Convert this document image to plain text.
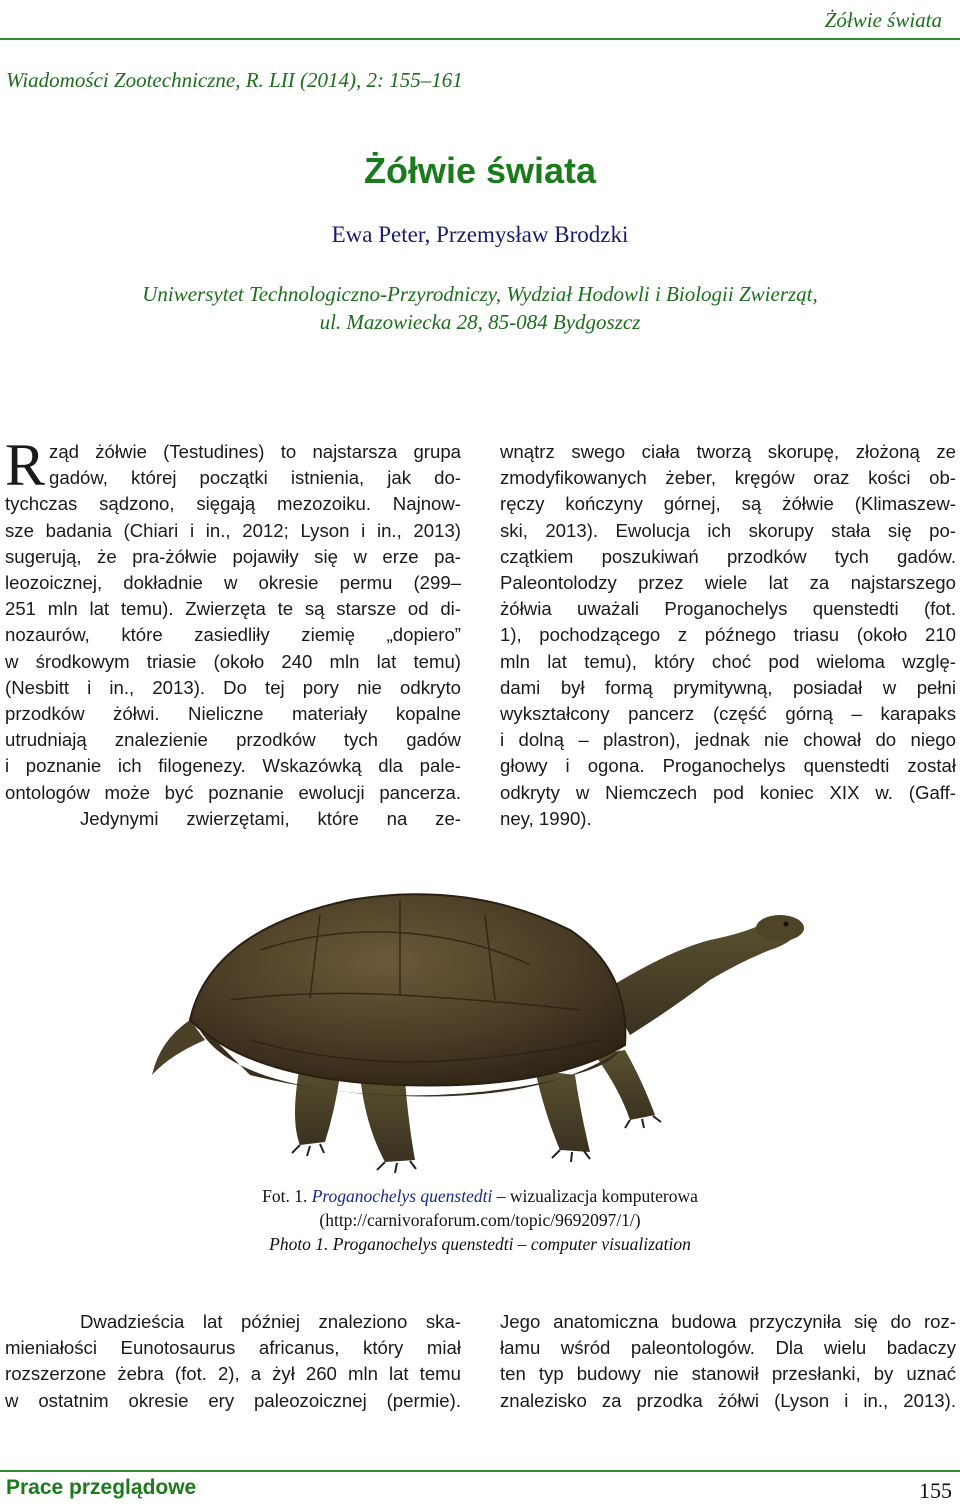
Żółwie świata
Wiadomości Zootechniczne, R. LII (2014), 2: 155–161
Żółwie świata
Ewa Peter, Przemysław Brodzki
Uniwersytet Technologiczno-Przyrodniczy, Wydział Hodowli i Biologii Zwierząt,
ul. Mazowiecka 28, 85-084 Bydgoszcz
R ząd żółwie (Testudines) to najstarsza grupa
gadów, której początki istnienia, jak do-
tychczas sądzono, sięgają mezozoiku. Najnow-
sze badania (Chiari i in., 2012; Lyson i in., 2013)
sugerują, że pra-żółwie pojawiły się w erze pa-
leozoicznej, dokładnie w okresie permu (299–
251 mln lat temu). Zwierzęta te są starsze od di-
nozaurów, które zasiedliły ziemię „dopiero”
w środkowym triasie (około 240 mln lat temu)
(Nesbitt i in., 2013). Do tej pory nie odkryto
przodków żółwi. Nieliczne materiały kopalne
utrudniają znalezienie przodków tych gadów
i poznanie ich filogenezy. Wskazówką dla pale-
ontologów może być poznanie ewolucji pancerza.
Jedynymi zwierzętami, które na ze-
wnątrz swego ciała tworzą skorupę, złożoną ze
zmodyfikowanych żeber, kręgów oraz kości ob-
ręczy kończyny górnej, są żółwie (Klimaszew-
ski, 2013). Ewolucja ich skorupy stała się po-
czątkiem poszukiwań przodków tych gadów.
Paleontolodzy przez wiele lat za najstarszego
żółwia uważali Proganochelys quenstedti (fot.
1), pochodzącego z późnego triasu (około 210
mln lat temu), który choć pod wieloma wzglę-
dami był formą prymitywną, posiadał w pełni
wykształcony pancerz (część górną – karapaks
i dolną – plastron), jednak nie chował do niego
głowy i ogona. Proganochelys quenstedti został
odkryty w Niemczech pod koniec XIX w. (Gaff-
ney, 1990).
Fot. 1. Proganochelys quenstedti – wizualizacja komputerowa
(http://carnivoraforum.com/topic/9692097/1/)
Photo 1. Proganochelys quenstedti – computer visualization
Dwadzieścia lat później znaleziono ska-
mieniałości Eunotosaurus africanus, który miał
rozszerzone żebra (fot. 2), a żył 260 mln lat temu
w ostatnim okresie ery paleozoicznej (permie).
Jego anatomiczna budowa przyczyniła się do roz-
łamu wśród paleontologów. Dla wielu badaczy
ten typ budowy nie stanowił przesłanki, by uznać
znalezisko za przodka żółwi (Lyson i in., 2013).
Prace przeglądowe	155
